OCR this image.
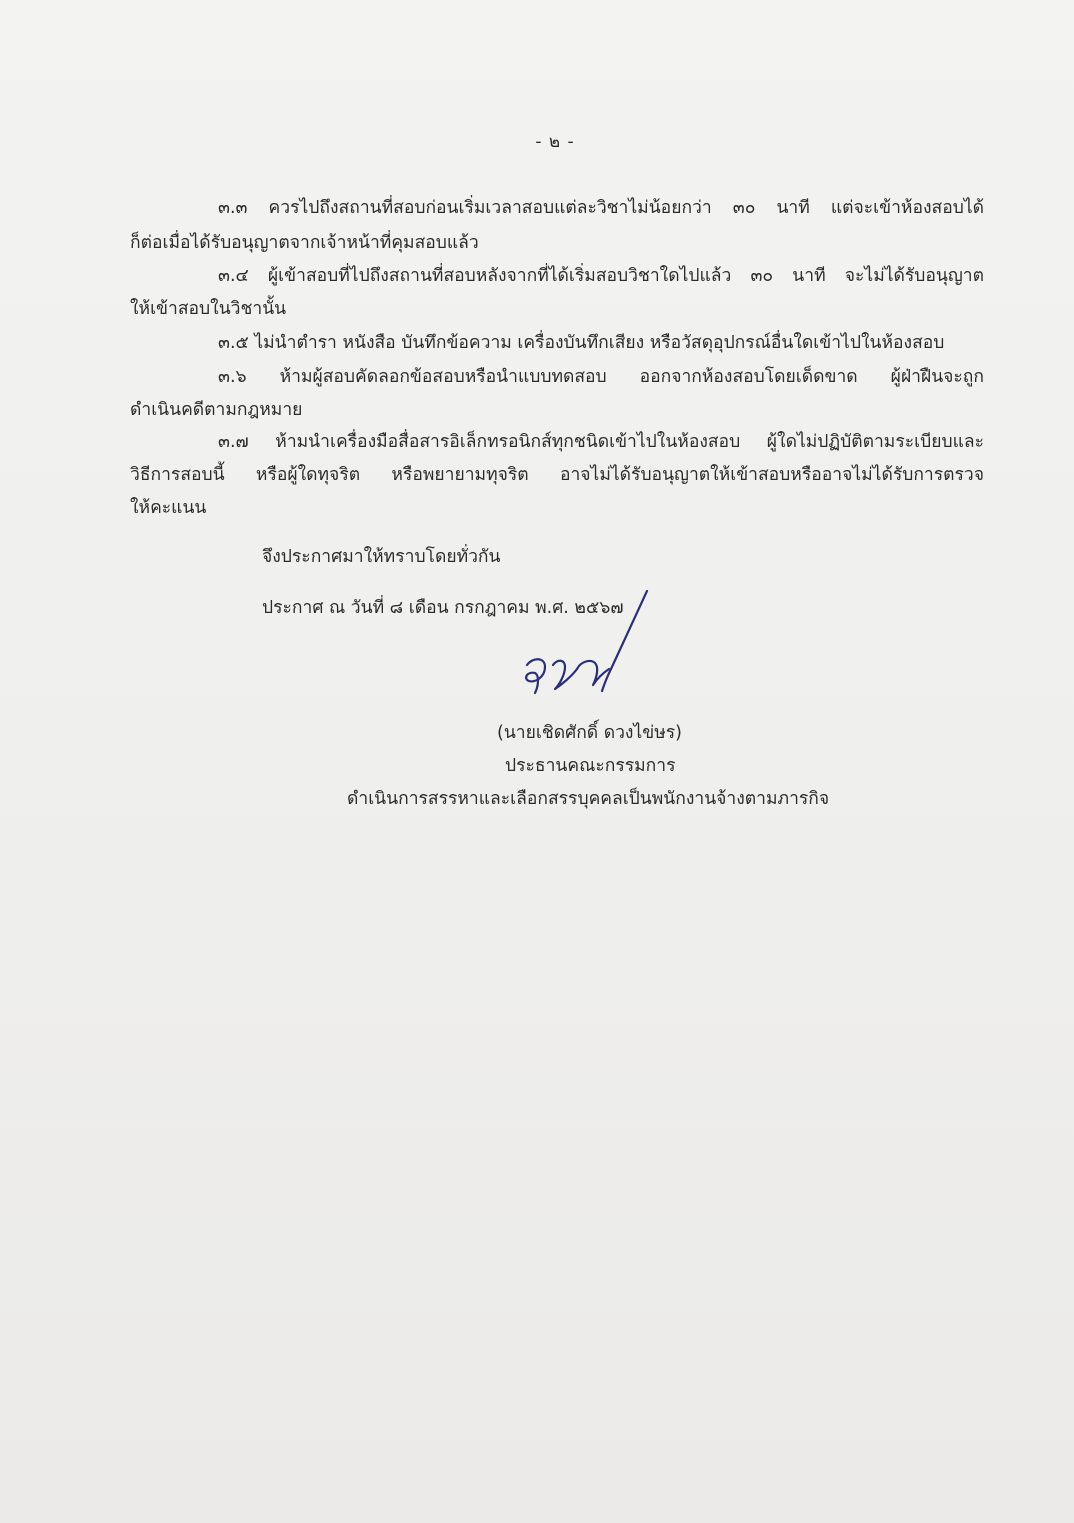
- ๒ -
๓.๓ ควรไปถึงสถานที่สอบก่อนเริ่มเวลาสอบแต่ละวิชาไม่น้อยกว่า ๓๐ นาที แต่จะเข้าห้องสอบได้
ก็ต่อเมื่อได้รับอนุญาตจากเจ้าหน้าที่คุมสอบแล้ว
๓.๔ ผู้เข้าสอบที่ไปถึงสถานที่สอบหลังจากที่ได้เริ่มสอบวิชาใดไปแล้ว ๓๐ นาที จะไม่ได้รับอนุญาต
ให้เข้าสอบในวิชานั้น
๓.๕ ไม่นำตำรา หนังสือ บันทึกข้อความ เครื่องบันทึกเสียง หรือวัสดุอุปกรณ์อื่นใดเข้าไปในห้องสอบ
๓.๖ ห้ามผู้สอบคัดลอกข้อสอบหรือนำแบบทดสอบ ออกจากห้องสอบโดยเด็ดขาด ผู้ฝ่าฝืนจะถูก
ดำเนินคดีตามกฎหมาย
๓.๗ ห้ามนำเครื่องมือสื่อสารอิเล็กทรอนิกส์ทุกชนิดเข้าไปในห้องสอบ ผู้ใดไม่ปฏิบัติตามระเบียบและ
วิธีการสอบนี้ หรือผู้ใดทุจริต หรือพยายามทุจริต อาจไม่ได้รับอนุญาตให้เข้าสอบหรืออาจไม่ได้รับการตรวจ
ให้คะแนน
จึงประกาศมาให้ทราบโดยทั่วกัน
ประกาศ ณ วันที่ ๘ เดือน กรกฎาคม พ.ศ. ๒๕๖๗
(นายเชิดศักดิ์ ดวงไข่ษร)
ประธานคณะกรรมการ
ดำเนินการสรรหาและเลือกสรรบุคคลเป็นพนักงานจ้างตามภารกิจ
